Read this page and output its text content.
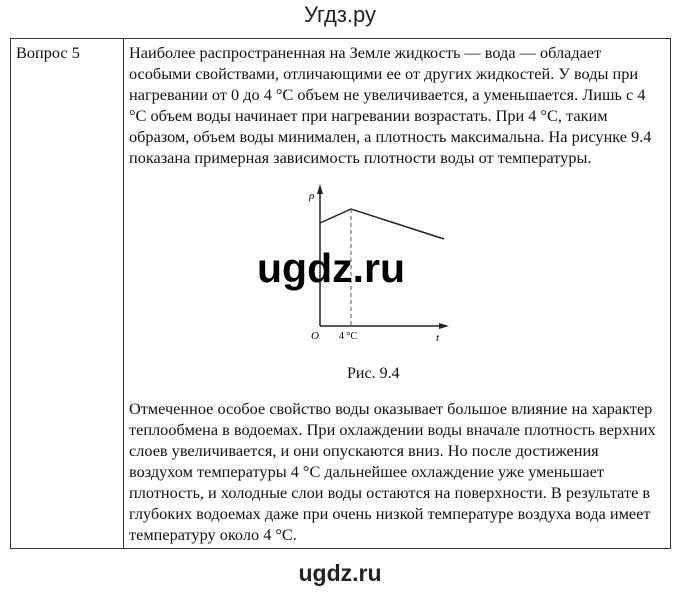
Угдз.ру
Вопрос 5	Наиболее распространенная на Земле жидкость — вода — обладает особыми свойствами, отличающими ее от других жидкостей. У воды при нагревании от 0 до 4 °С объем не увеличивается, а уменьшается. Лишь с 4 °С объем воды начинает при нагревании возрастать. При 4 °С, таким образом, объем воды минимален, а плотность максимальна. На рисунке 9.4 показана примерная зависимость плотности воды от температуры.

ρ
O 4 °C	t
ugdz.ru
Рис. 9.4

Отмеченное особое свойство воды оказывает большое влияние на характер теплообмена в водоемах. При охлаждении воды вначале плотность верхних слоев увеличивается, и они опускаются вниз. Но после достижения воздухом температуры 4 °С дальнейшее охлаждение уже уменьшает плотность, и холодные слои воды остаются на поверхности. В результате в глубоких водоемах даже при очень низкой температуре воздуха вода имеет температуру около 4 °С.

ugdz.ru
